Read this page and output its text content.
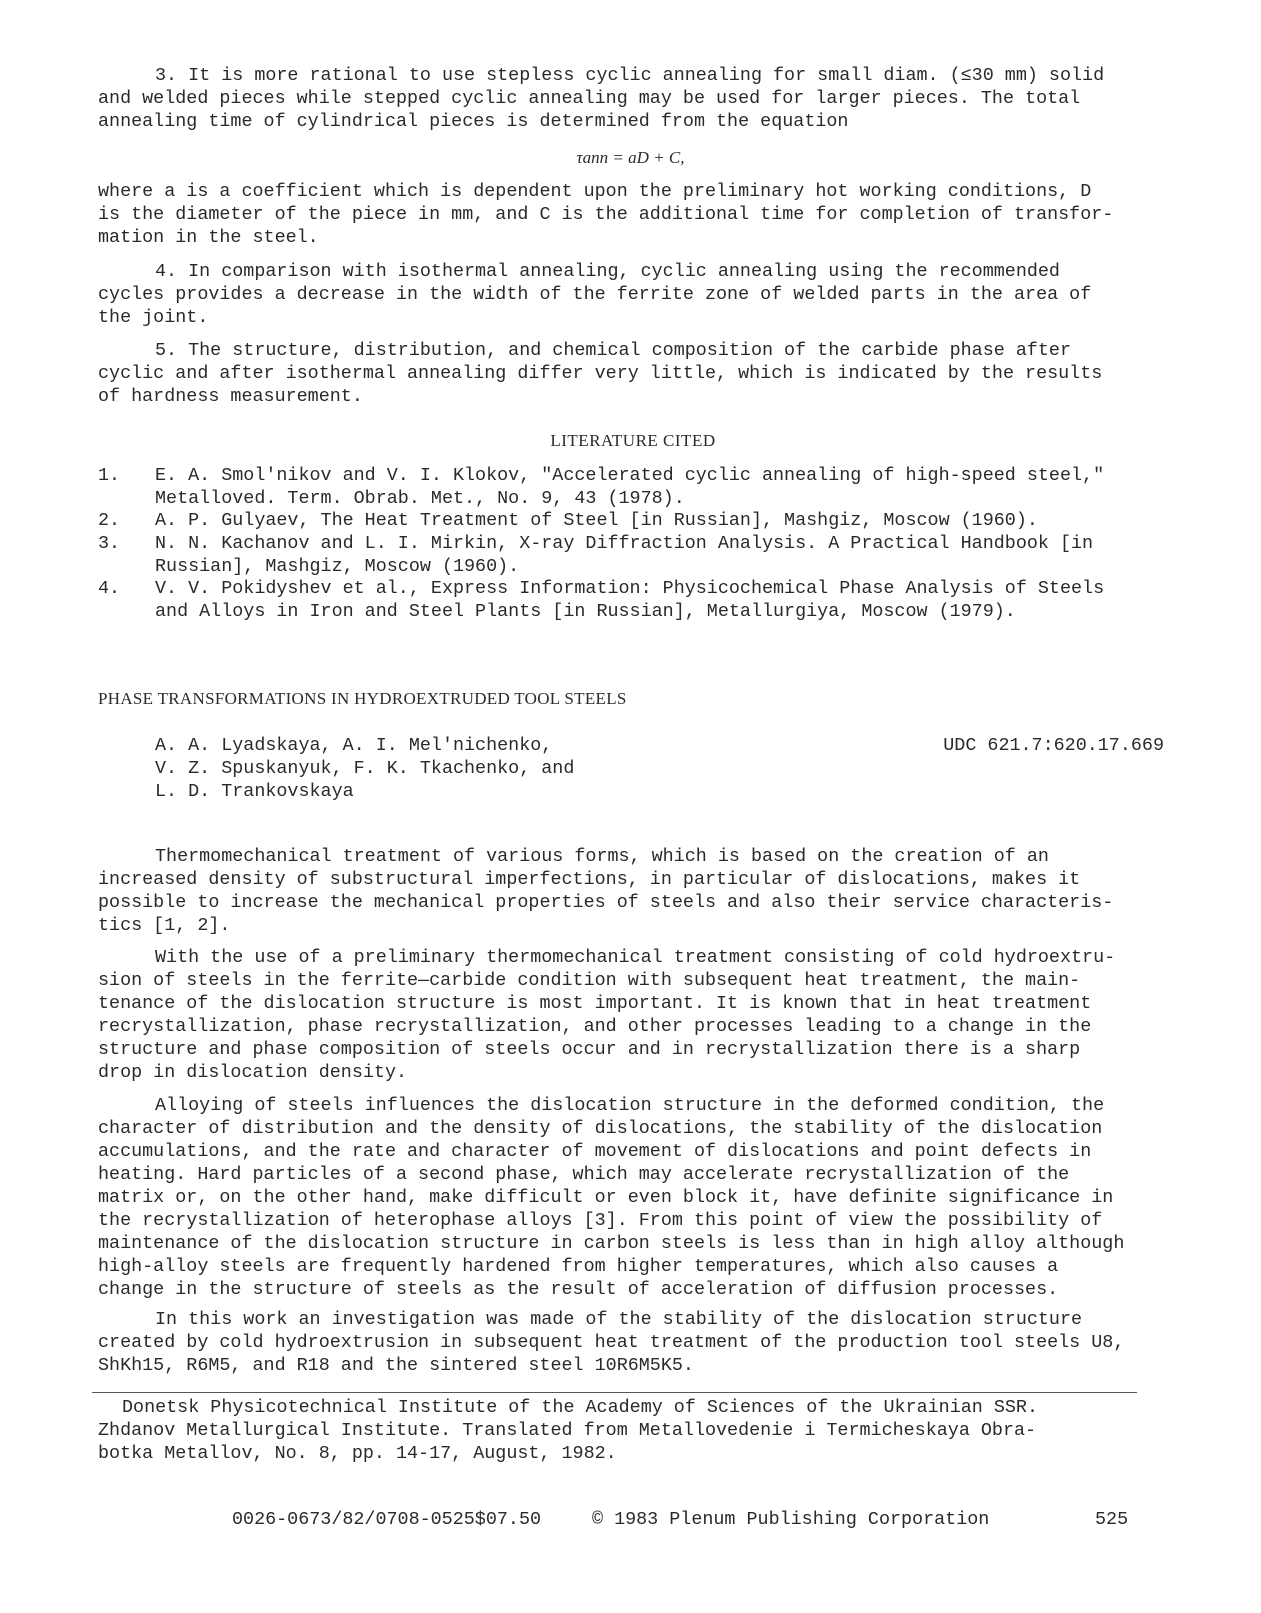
3. It is more rational to use stepless cyclic annealing for small diam. (≤30 mm) solid
and welded pieces while stepped cyclic annealing may be used for larger pieces. The total
annealing time of cylindrical pieces is determined from the equation

τann = aD + C,

where a is a coefficient which is dependent upon the preliminary hot working conditions, D
is the diameter of the piece in mm, and C is the additional time for completion of transfor-
mation in the steel.

4. In comparison with isothermal annealing, cyclic annealing using the recommended
cycles provides a decrease in the width of the ferrite zone of welded parts in the area of
the joint.

5. The structure, distribution, and chemical composition of the carbide phase after
cyclic and after isothermal annealing differ very little, which is indicated by the results
of hardness measurement.

LITERATURE CITED
1. E. A. Smol'nikov and V. I. Klokov, "Accelerated cyclic annealing of high-speed steel,"
Metalloved. Term. Obrab. Met., No. 9, 43 (1978).
2. A. P. Gulyaev, The Heat Treatment of Steel [in Russian], Mashgiz, Moscow (1960).
3. N. N. Kachanov and L. I. Mirkin, X-ray Diffraction Analysis. A Practical Handbook [in
Russian], Mashgiz, Moscow (1960).
4. V. V. Pokidyshev et al., Express Information: Physicochemical Phase Analysis of Steels
and Alloys in Iron and Steel Plants [in Russian], Metallurgiya, Moscow (1979).
PHASE TRANSFORMATIONS IN HYDROEXTRUDED TOOL STEELS
A. A. Lyadskaya, A. I. Mel'nichenko,
V. Z. Spuskanyuk, F. K. Tkachenko, and
L. D. Trankovskaya
UDC 621.7:620.17.669

Thermomechanical treatment of various forms, which is based on the creation of an
increased density of substructural imperfections, in particular of dislocations, makes it
possible to increase the mechanical properties of steels and also their service characteris-
tics [1, 2].

With the use of a preliminary thermomechanical treatment consisting of cold hydroextru-
sion of steels in the ferrite—carbide condition with subsequent heat treatment, the main-
tenance of the dislocation structure is most important. It is known that in heat treatment
recrystallization, phase recrystallization, and other processes leading to a change in the
structure and phase composition of steels occur and in recrystallization there is a sharp
drop in dislocation density.

Alloying of steels influences the dislocation structure in the deformed condition, the
character of distribution and the density of dislocations, the stability of the dislocation
accumulations, and the rate and character of movement of dislocations and point defects in
heating. Hard particles of a second phase, which may accelerate recrystallization of the
matrix or, on the other hand, make difficult or even block it, have definite significance in
the recrystallization of heterophase alloys [3]. From this point of view the possibility of
maintenance of the dislocation structure in carbon steels is less than in high alloy although
high-alloy steels are frequently hardened from higher temperatures, which also causes a
change in the structure of steels as the result of acceleration of diffusion processes.

In this work an investigation was made of the stability of the dislocation structure
created by cold hydroextrusion in subsequent heat treatment of the production tool steels U8,
ShKh15, R6M5, and R18 and the sintered steel 10R6M5K5.

Donetsk Physicotechnical Institute of the Academy of Sciences of the Ukrainian SSR.
Zhdanov Metallurgical Institute. Translated from Metallovedenie i Termicheskaya Obra-
botka Metallov, No. 8, pp. 14-17, August, 1982.

0026-0673/82/0708-0525$07.50	© 1983 Plenum Publishing Corporation	525
